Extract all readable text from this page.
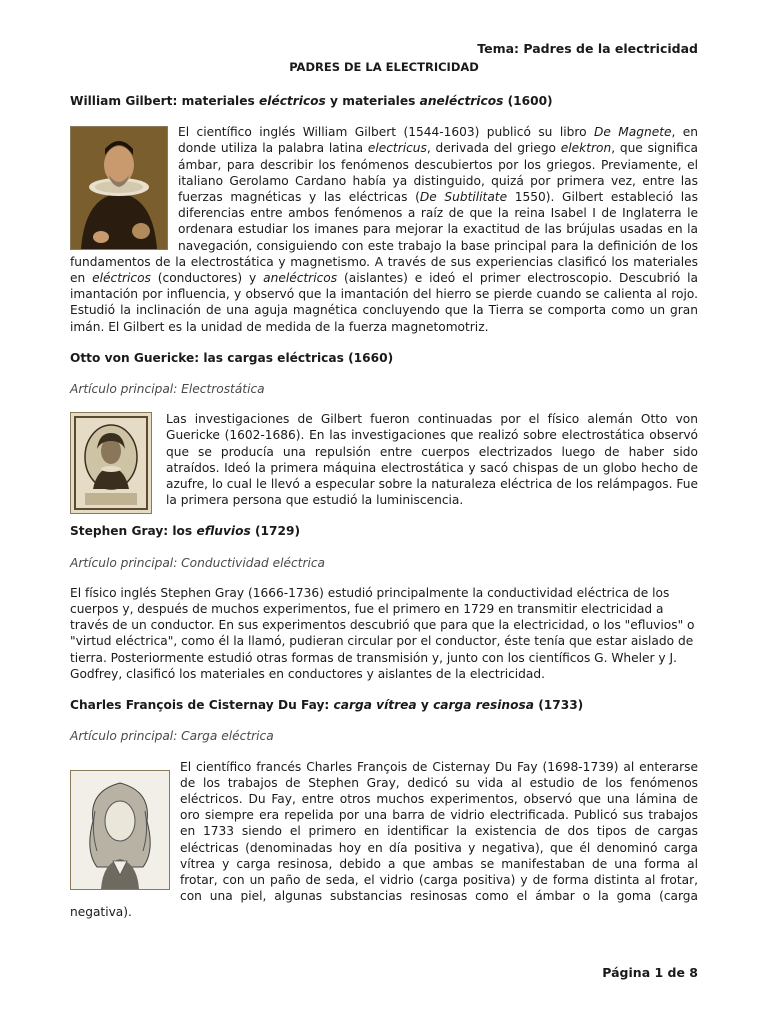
Tema: Padres de la electricidad
PADRES DE LA ELECTRICIDAD
William Gilbert: materiales eléctricos y materiales aneléctricos (1600)
El científico inglés William Gilbert (1544-1603) publicó su libro De Magnete, en donde utiliza la palabra latina electricus, derivada del griego elektron, que significa ámbar, para describir los fenómenos descubiertos por los griegos. Previamente, el italiano Gerolamo Cardano había ya distinguido, quizá por primera vez, entre las fuerzas magnéticas y las eléctricas (De Subtilitate 1550). Gilbert estableció las diferencias entre ambos fenómenos a raíz de que la reina Isabel I de Inglaterra le ordenara estudiar los imanes para mejorar la exactitud de las brújulas usadas en la navegación, consiguiendo con este trabajo la base principal para la definición de los fundamentos de la electrostática y magnetismo. A través de sus experiencias clasificó los materiales en eléctricos (conductores) y aneléctricos (aislantes) e ideó el primer electroscopio. Descubrió la imantación por influencia, y observó que la imantación del hierro se pierde cuando se calienta al rojo. Estudió la inclinación de una aguja magnética concluyendo que la Tierra se comporta como un gran imán. El Gilbert es la unidad de medida de la fuerza magnetomotriz.
Otto von Guericke: las cargas eléctricas (1660)
Artículo principal: Electrostática
Las investigaciones de Gilbert fueron continuadas por el físico alemán Otto von Guericke (1602-1686). En las investigaciones que realizó sobre electrostática observó que se producía una repulsión entre cuerpos electrizados luego de haber sido atraídos. Ideó la primera máquina electrostática y sacó chispas de un globo hecho de azufre, lo cual le llevó a especular sobre la naturaleza eléctrica de los relámpagos. Fue la primera persona que estudió la luminiscencia.
Stephen Gray: los efluvios (1729)
Artículo principal: Conductividad eléctrica
El físico inglés Stephen Gray (1666-1736) estudió principalmente la conductividad eléctrica de los cuerpos y, después de muchos experimentos, fue el primero en 1729 en transmitir electricidad a través de un conductor. En sus experimentos descubrió que para que la electricidad, o los "efluvios" o "virtud eléctrica", como él la llamó, pudieran circular por el conductor, éste tenía que estar aislado de tierra. Posteriormente estudió otras formas de transmisión y, junto con los científicos G. Wheler y J. Godfrey, clasificó los materiales en conductores y aislantes de la electricidad.
Charles François de Cisternay Du Fay: carga vítrea y carga resinosa (1733)
Artículo principal: Carga eléctrica
El científico francés Charles François de Cisternay Du Fay (1698-1739) al enterarse de los trabajos de Stephen Gray, dedicó su vida al estudio de los fenómenos eléctricos. Du Fay, entre otros muchos experimentos, observó que una lámina de oro siempre era repelida por una barra de vidrio electrificada. Publicó sus trabajos en 1733 siendo el primero en identificar la existencia de dos tipos de cargas eléctricas (denominadas hoy en día positiva y negativa), que él denominó carga vítrea y carga resinosa, debido a que ambas se manifestaban de una forma al frotar, con un paño de seda, el vidrio (carga positiva) y de forma distinta al frotar, con una piel, algunas substancias resinosas como el ámbar o la goma (carga negativa).
Página 1 de 8
